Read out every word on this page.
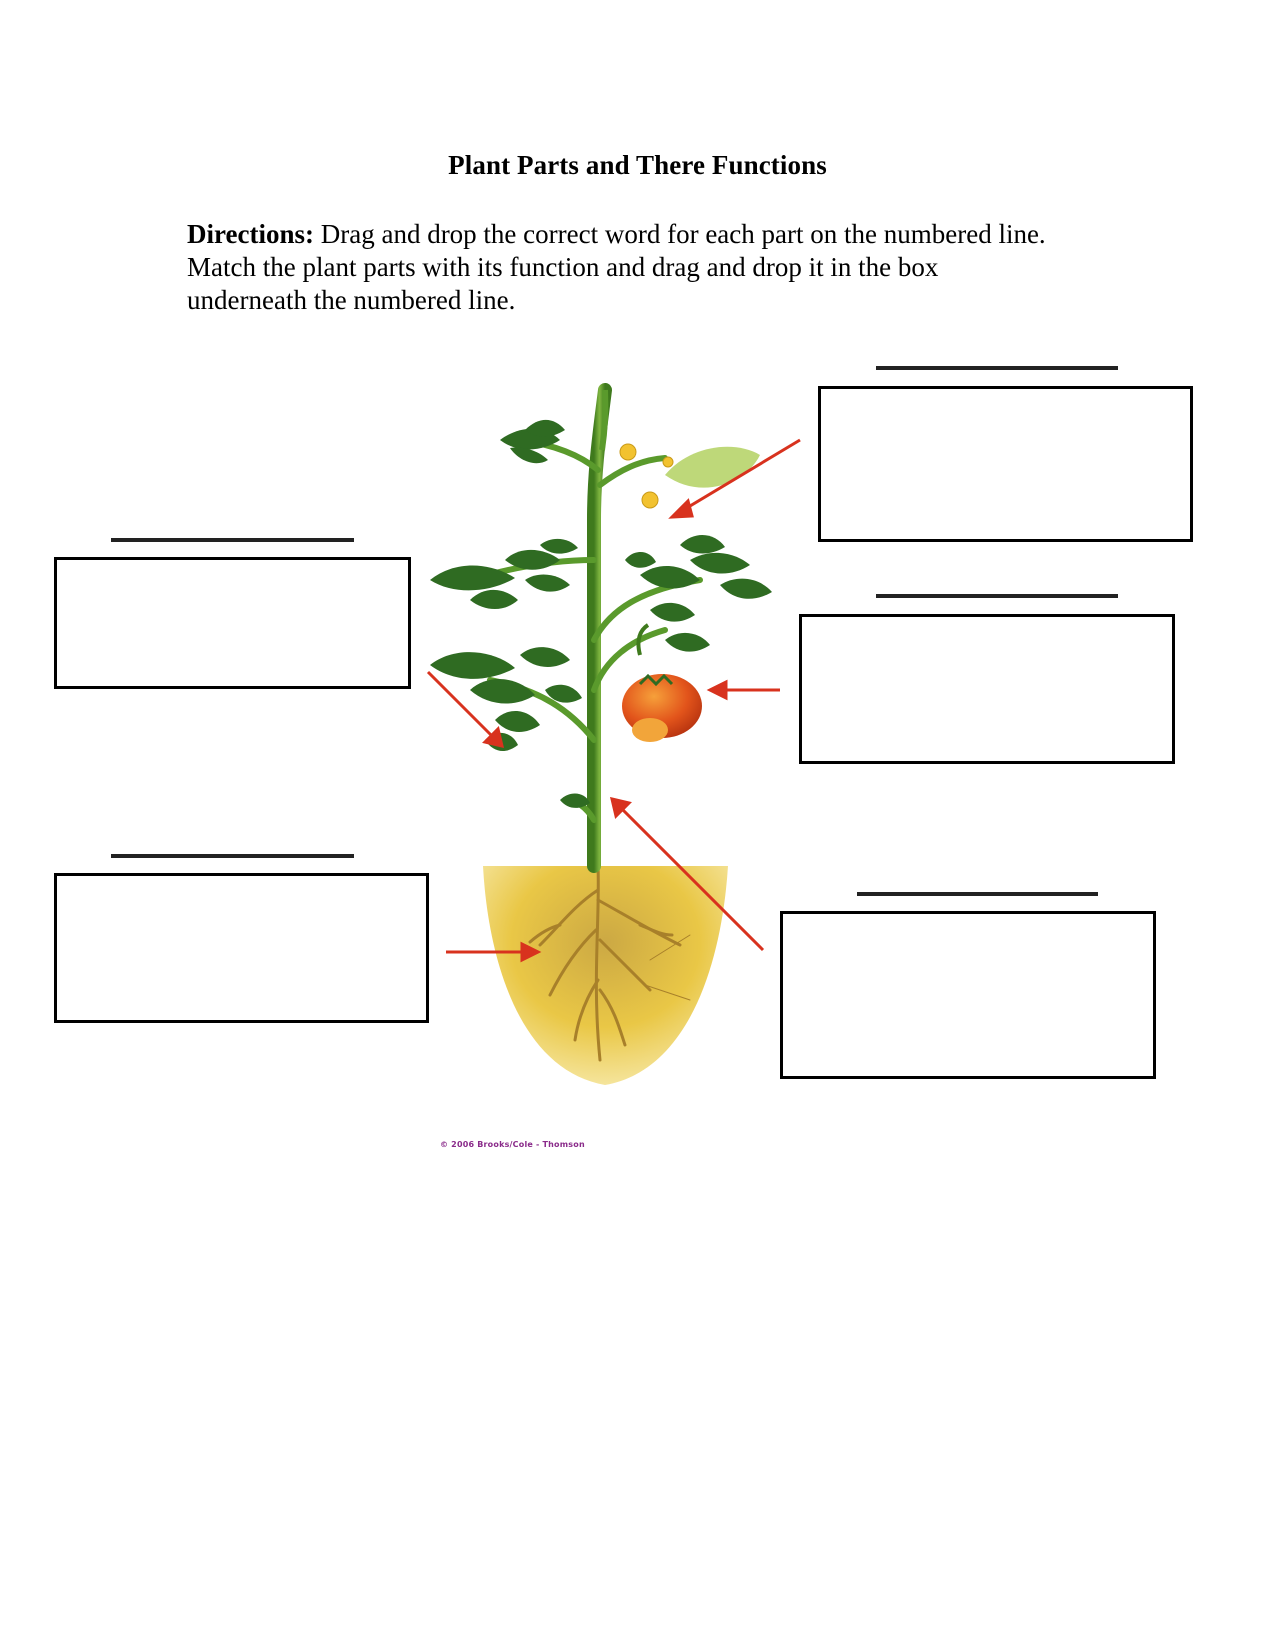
Plant Parts and There Functions
Directions: Drag and drop the correct word for each part on the numbered line. Match the plant parts with its function and drag and drop it in the box underneath the numbered line.
© 2006 Brooks/Cole - Thomson
